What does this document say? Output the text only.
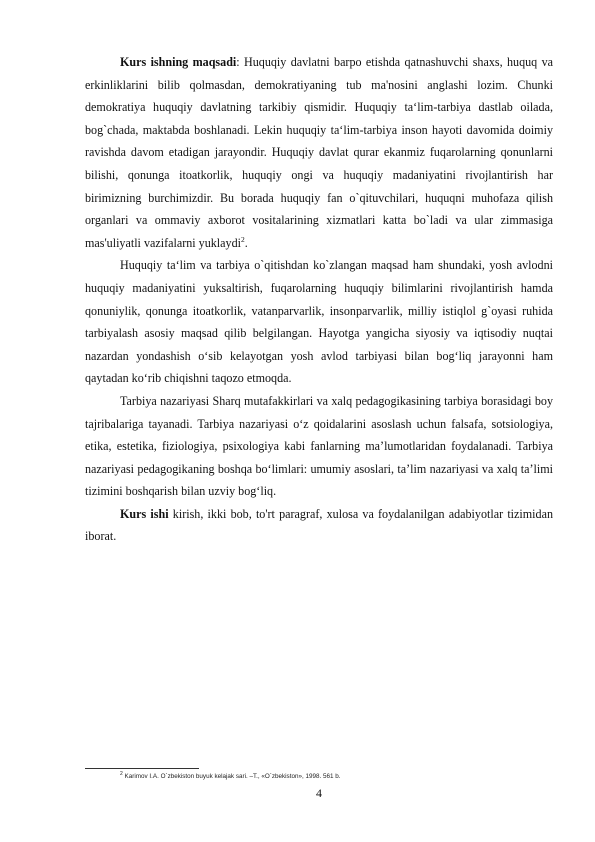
Kurs ishning maqsadi: Huquqiy davlatni barpo etishda qatnashuvchi shaxs, huquq va erkinliklarini bilib qolmasdan, demokratiyaning tub ma'nosini anglashi lozim. Chunki demokratiya huquqiy davlatning tarkibiy qismidir. Huquqiy ta‘lim-tarbiya dastlab oilada, bog`chada, maktabda boshlanadi. Lekin huquqiy ta‘lim-tarbiya inson hayoti davomida doimiy ravishda davom etadigan jarayondir. Huquqiy davlat qurar ekanmiz fuqarolarning qonunlarni bilishi, qonunga itoatkorlik, huquqiy ongi va huquqiy madaniyatini rivojlantirish har birimizning burchimizdir. Bu borada huquqiy fan o`qituvchilari, huquqni muhofaza qilish organlari va ommaviy axborot vositalarining xizmatlari katta bo`ladi va ular zimmasiga mas'uliyatli vazifalarni yuklaydi$^2$.

Huquqiy ta‘lim va tarbiya o`qitishdan ko`zlangan maqsad ham shundaki, yosh avlodni huquqiy madaniyatini yuksaltirish, fuqarolarning huquqiy bilimlarini rivojlantirish hamda qonuniylik, qonunga itoatkorlik, vatanparvarlik, insonparvarlik, milliy istiqlol g`oyasi ruhida tarbiyalash asosiy maqsad qilib belgilangan. Hayotga yangicha siyosiy va iqtisodiy nuqtai nazardan yondashish o‘sib kelayotgan yosh avlod tarbiyasi bilan bog‘liq jarayonni ham qaytadan ko‘rib chiqishni taqozo etmoqda.

Tarbiya nazariyasi Sharq mutafakkirlari va xalq pedagogikasining tarbiya borasidagi boy tajribalariga tayanadi. Tarbiya nazariyasi o‘z qoidalarini asoslash uchun falsafa, sotsiologiya, etika, estetika, fiziologiya, psixologiya kabi fanlarning ma’lumotlaridan foydalanadi. Tarbiya nazariyasi pedagogikaning boshqa bo‘limlari: umumiy asoslari, ta’lim nazariyasi va xalq ta’limi tizimini boshqarish bilan uzviy bog‘liq.

Kurs ishi kirish, ikki bob, to'rt paragraf, xulosa va foydalanilgan adabiyotlar tizimidan iborat.

$^2$ Karimov I.A. O`zbekiston buyuk kelajak sari. –T., «O`zbekiston», 1998. 561 b.
4
